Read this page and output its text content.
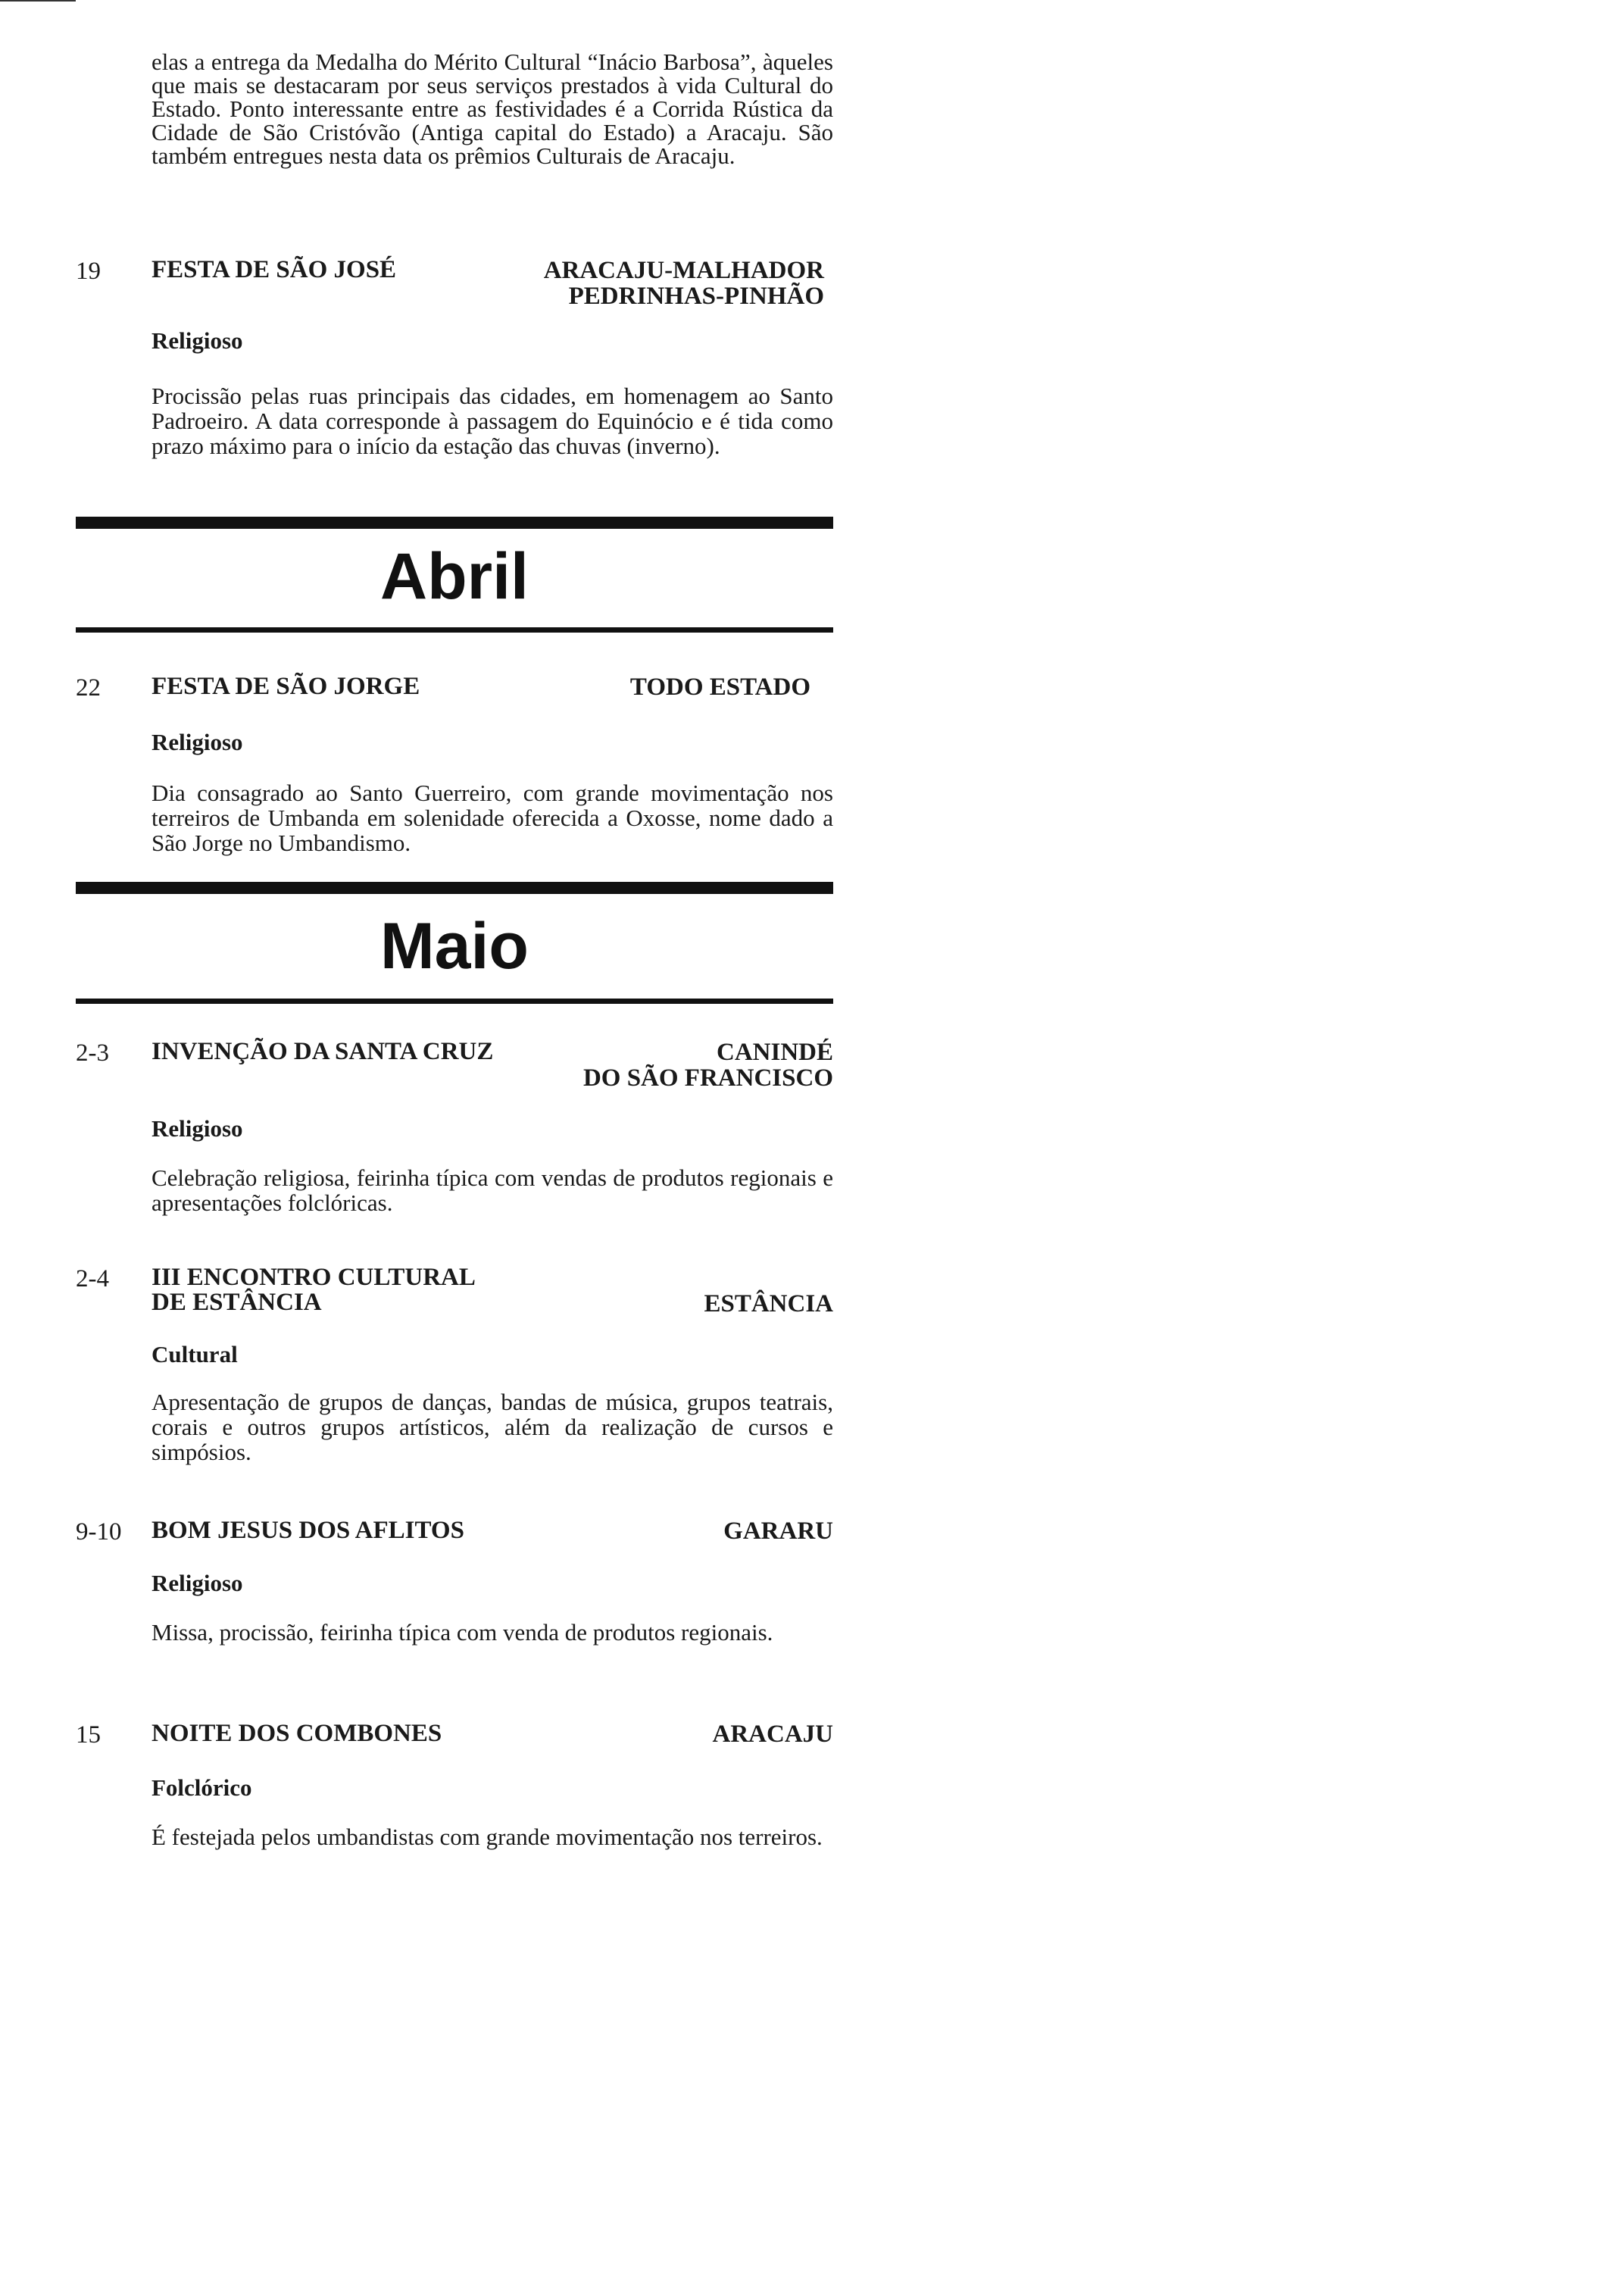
elas a entrega da Medalha do Mérito Cultural “Inácio Barbosa”, àqueles que mais se destacaram por seus serviços prestados à vida Cultural do Estado. Ponto interessante entre as festividades é a Corrida Rústica da Cidade de São Cristóvão (Antiga capital do Estado) a Aracaju. São também entregues nesta data os prêmios Culturais de Aracaju.

19 FESTA DE SÃO JOSÉ	ARACAJU-MALHADOR
PEDRINHAS-PINHÃO
Religioso

Procissão pelas ruas principais das cidades, em homenagem ao Santo Padroeiro. A data corresponde à passagem do Equinócio e é tida como prazo máximo para o início da estação das chuvas (inverno).

Abril
22 FESTA DE SÃO JORGE	TODO ESTADO
Religioso

Dia consagrado ao Santo Guerreiro, com grande movimentação nos terreiros de Umbanda em solenidade oferecida a Oxosse, nome dado a São Jorge no Umbandismo.

Maio
2-3 INVENÇÃO DA SANTA CRUZ	CANINDÉ
DO SÃO FRANCISCO
Religioso

Celebração religiosa, feirinha típica com vendas de produtos regionais e apresentações folclóricas.

2-4 III ENCONTRO CULTURAL
DE ESTÂNCIA	ESTÂNCIA
Cultural

Apresentação de grupos de danças, bandas de música, grupos teatrais, corais e outros grupos artísticos, além da realização de cursos e simpósios.

9-10 BOM JESUS DOS AFLITOS	GARARU
Religioso

Missa, procissão, feirinha típica com venda de produtos regionais.

15 NOITE DOS COMBONES	ARACAJU
Folclórico

É festejada pelos umbandistas com grande movimentação nos terreiros.
